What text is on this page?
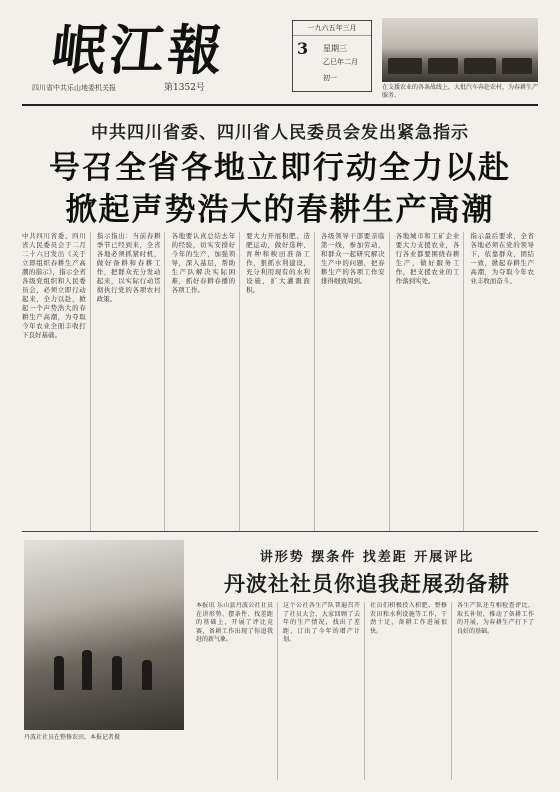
岷江報
四川省中共乐山地委机关报	第1352号
一九六五年三月
3 星期三
乙巳年二月
初一
在支援农业的各条战线上，大批汽车奔赴农村，为春耕生产服务。
中共四川省委、四川省人民委员会发出紧急指示
号召全省各地立即行动全力以赴
掀起声势浩大的春耕生产高潮
中共四川省委、四川省人民委员会于二月二十六日发出《关于立即组织春耕生产高潮的指示》，指示全省各级党组织和人民委员会，必须立即行动起来，全力以赴，掀起一个声势浩大的春耕生产高潮，为夺取今年农业全面丰收打下良好基础。
指示指出：当前春耕季节已经到来，全省各地必须抓紧时机，做好备耕和春耕工作，把群众充分发动起来，以实际行动贯彻执行党的各项农村政策。
各地要认真总结去年的经验，切实安排好今年的生产，加强领导，深入基层，帮助生产队解决实际困难，抓好春耕春播的各项工作。
要大力开展积肥、造肥运动，做好选种、育种和秧田准备工作，狠抓水利建设，充分利用现有的水利设施，扩大灌溉面积。
各级领导干部要亲临第一线，参加劳动，和群众一起研究解决生产中的问题，把春耕生产的各项工作安排得细致周到。
各地城市和工矿企业要大力支援农业，各行各业都要围绕春耕生产，做好服务工作，把支援农业的工作落到实处。
指示最后要求，全省各地必须在党的领导下，依靠群众，团结一致，掀起春耕生产高潮，为夺取今年农业丰收而奋斗。
丹波社社员在整修农田。本报记者摄
讲形势 摆条件 找差距 开展评比
丹波社社员你追我赶展劲备耕
本报讯 乐山县丹波公社社员在讲形势、摆条件、找差距的基础上，开展了评比竞赛，备耕工作出现了你追我赶的新气象。
这个公社各生产队普遍召开了社员大会，大家回顾了去年的生产情况，找出了差距，订出了今年的增产计划。
社员们积极投入积肥、整修农田和水利设施等工作，干劲十足，备耕工作进展很快。
各生产队还互相检查评比，取长补短，推动了备耕工作的开展，为春耕生产打下了良好的基础。
